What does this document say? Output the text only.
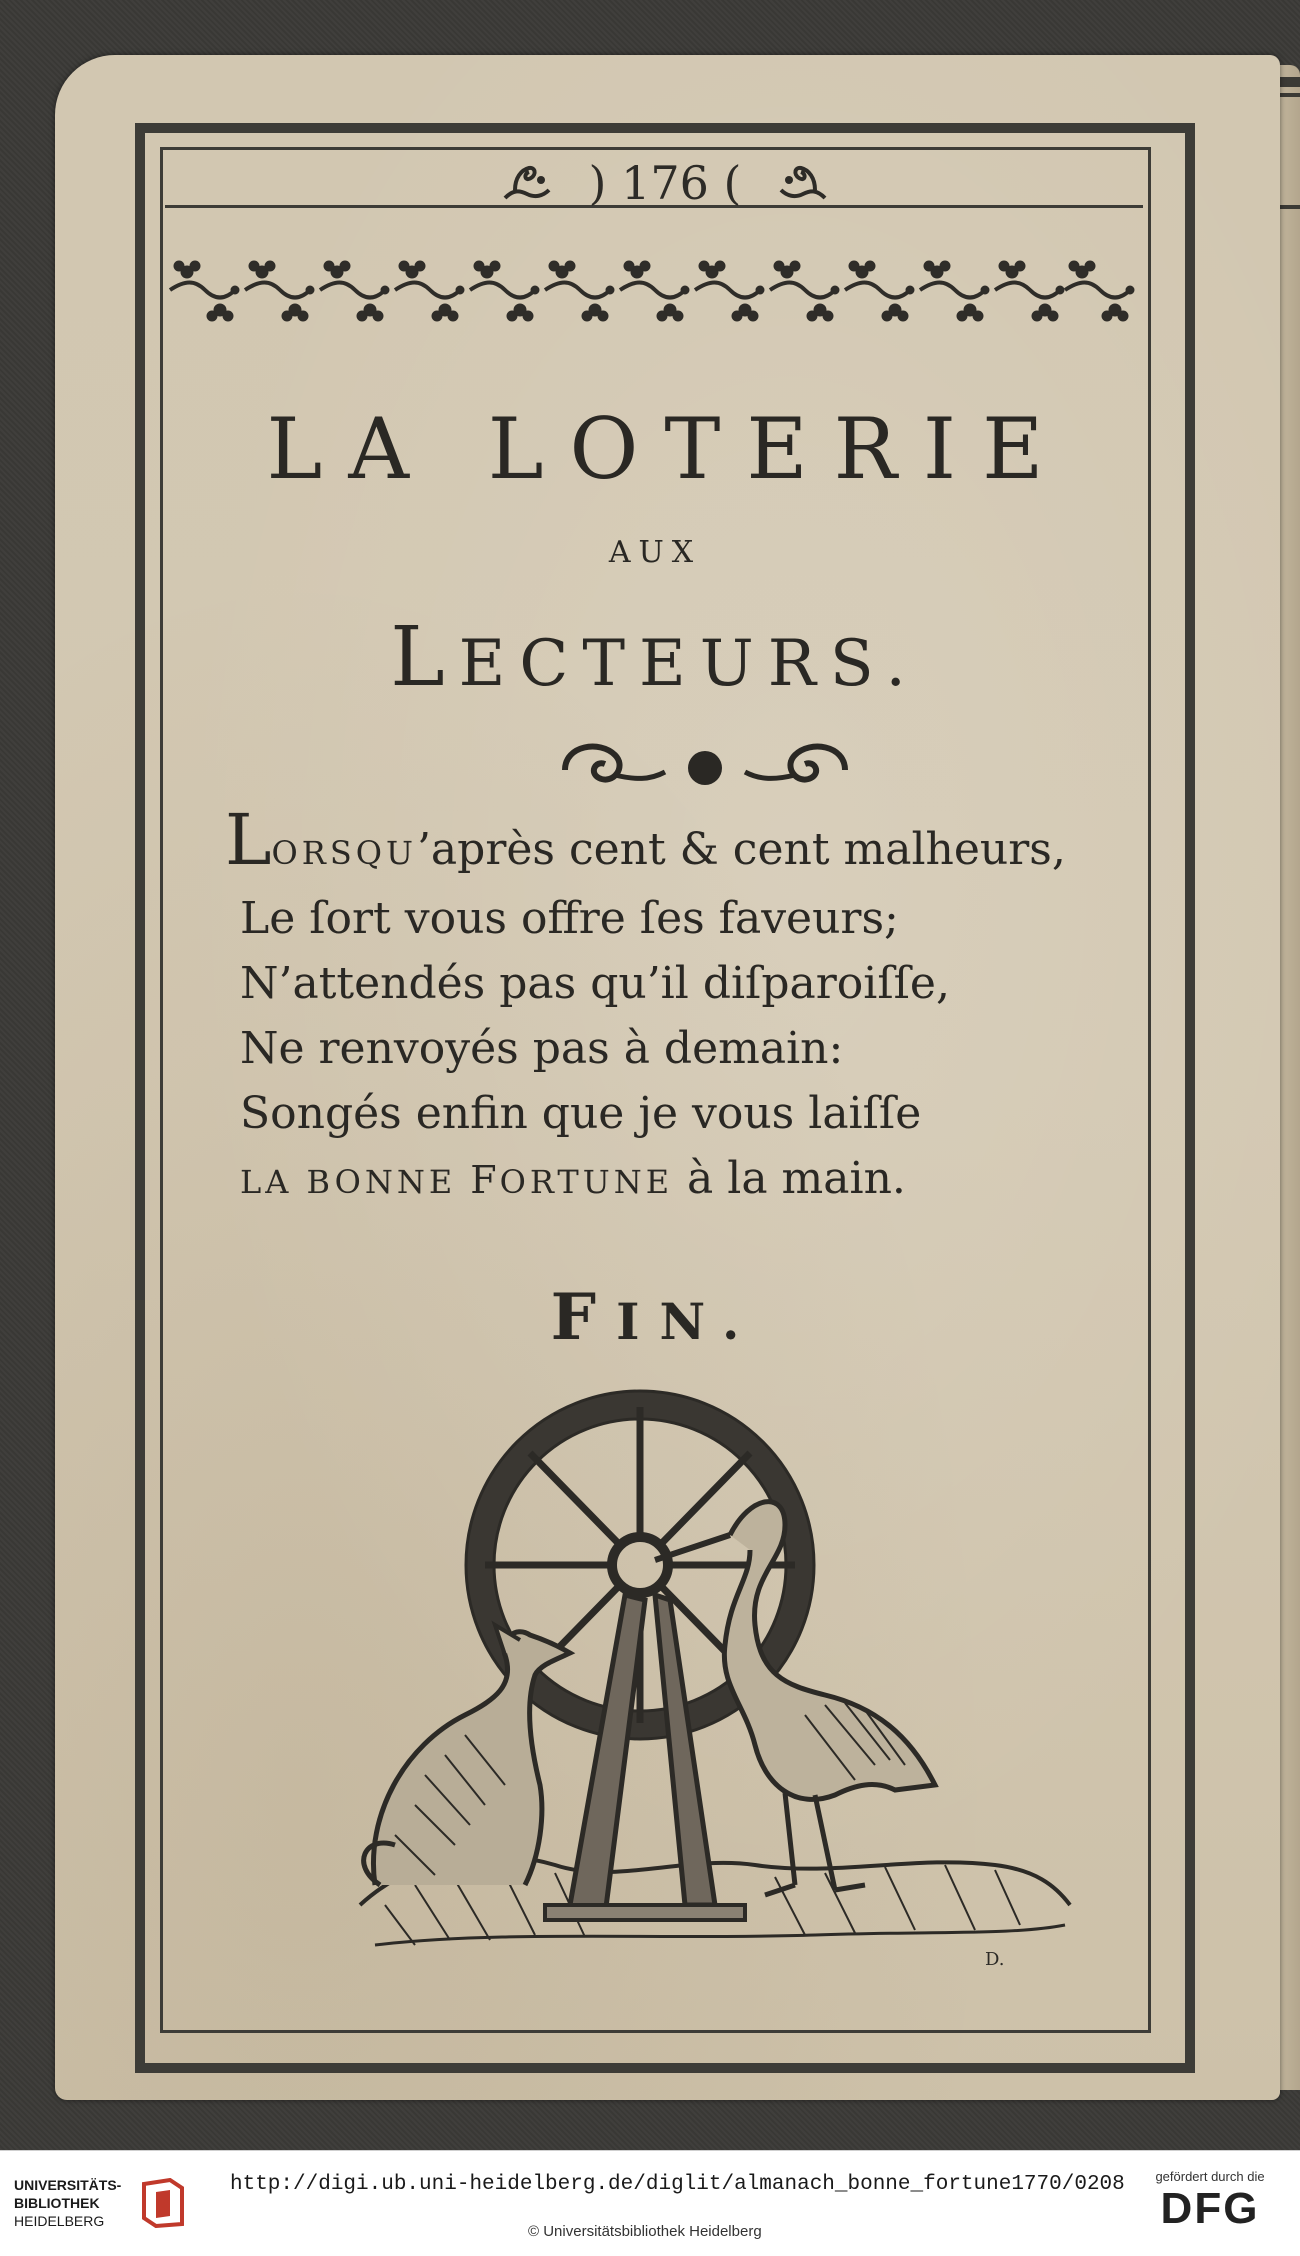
) 176 (
LA LOTERIE
AUX
LECTEURS.
LORSQU’après cent & cent malheurs,
Le ſort vous offre ſes faveurs;
N’attendés pas qu’il diſparoiſſe,
Ne renvoyés pas à demain:
Songés enfin que je vous laiſſe
LA BONNE FORTUNE à la main.
FIN.
D.
UNIVERSITÄTS-
BIBLIOTHEK
HEIDELBERG
http://digi.ub.uni-heidelberg.de/diglit/almanach_bonne_fortune1770/0208
© Universitätsbibliothek Heidelberg
gefördert durch die
DFG
